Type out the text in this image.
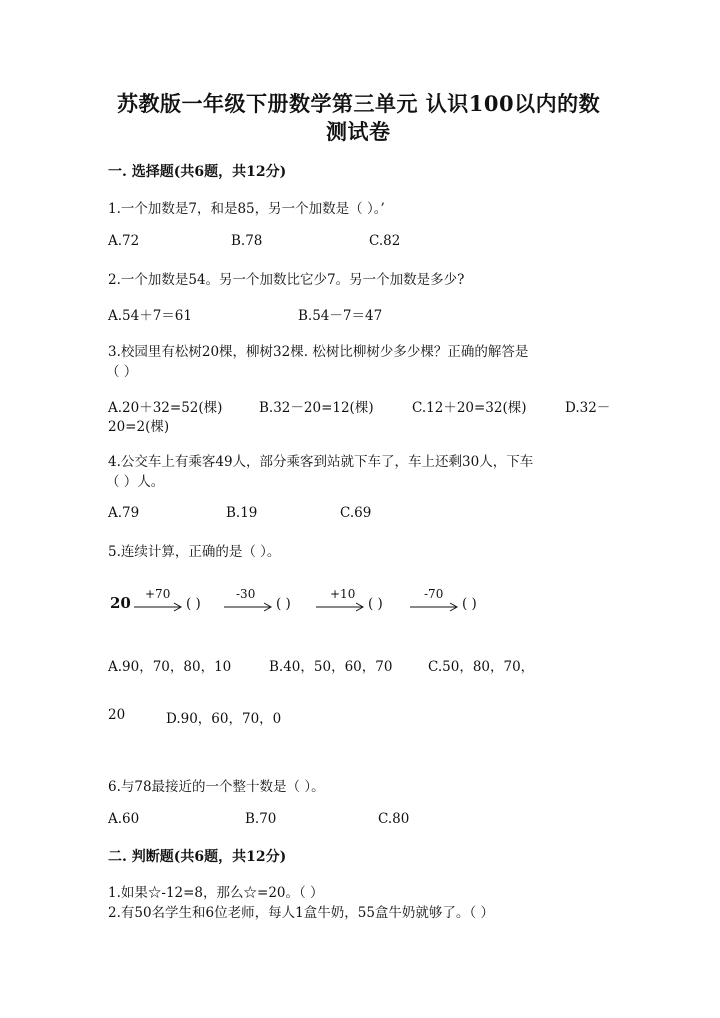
苏教版一年级下册数学第三单元 认识100以内的数
测试卷
一. 选择题(共6题，共12分)
1.一个加数是7，和是85，另一个加数是（ ）。’
A.72	B.78	C.82
2.一个加数是54。另一个加数比它少7。另一个加数是多少?
A.54＋7＝61	B.54－7＝47
3.校园里有松树20棵，柳树32棵. 松树比柳树少多少棵？正确的解答是
（ ）
A.20＋32=52(棵)	B.32－20=12(棵)	C.12＋20=32(棵)	D.32－
20=2(棵)
4.公交车上有乘客49人，部分乘客到站就下车了，车上还剩30人，下车
（ ）人。
A.79	B.19	C.69
5.连续计算，正确的是（ ）。
20 +70
( )
-30
( )
+10
( )
-70
( )
A.90，70，80，10	B.40，50，60，70	C.50，80，70，
20	D.90，60，70，0
6.与78最接近的一个整十数是（ ）。
A.60	B.70	C.80
二. 判断题(共6题，共12分)
1.如果☆-12=8，那么☆=20。（ ）
2.有50名学生和6位老师，每人1盒牛奶，55盒牛奶就够了。（ ）
